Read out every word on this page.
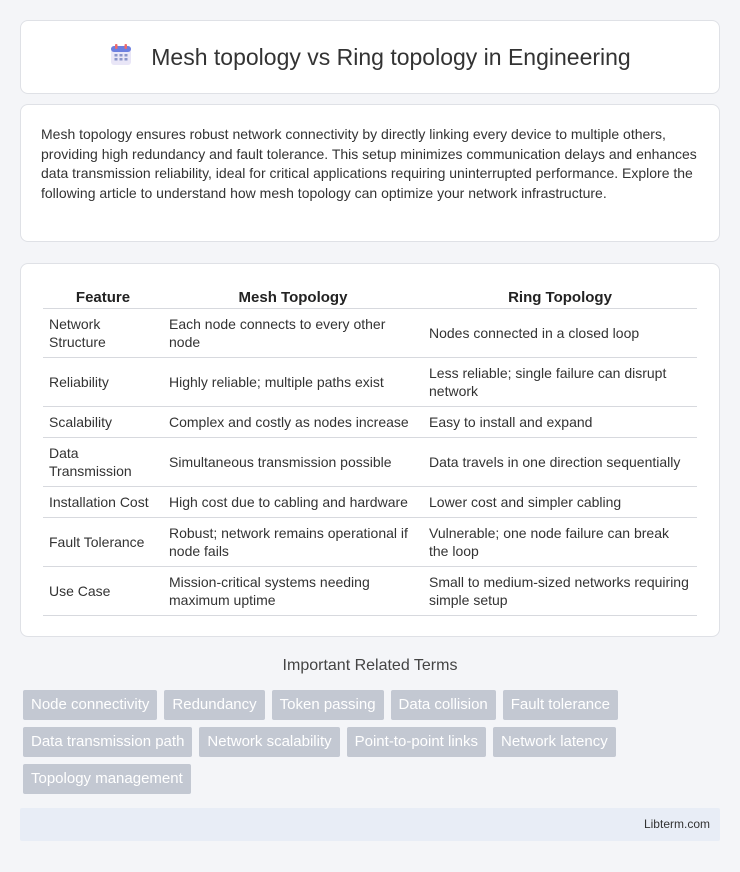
Mesh topology vs Ring topology in Engineering

Mesh topology ensures robust network connectivity by directly linking every device to multiple others, providing high redundancy and fault tolerance. This setup minimizes communication delays and enhances data transmission reliability, ideal for critical applications requiring uninterrupted performance. Explore the following article to understand how mesh topology can optimize your network infrastructure.

Feature	Mesh Topology	Ring Topology
Network Structure	Each node connects to every other node	Nodes connected in a closed loop
Reliability	Highly reliable; multiple paths exist	Less reliable; single failure can disrupt network
Scalability	Complex and costly as nodes increase	Easy to install and expand
Data Transmission	Simultaneous transmission possible	Data travels in one direction sequentially
Installation Cost	High cost due to cabling and hardware	Lower cost and simpler cabling
Fault Tolerance	Robust; network remains operational if node fails	Vulnerable; one node failure can break the loop
Use Case	Mission-critical systems needing maximum uptime	Small to medium-sized networks requiring simple setup
Important Related Terms
Node connectivity	Redundancy	Token passing	Data collision	Fault tolerance
Data transmission path	Network scalability	Point-to-point links	Network latency
Topology management
Libterm.com
